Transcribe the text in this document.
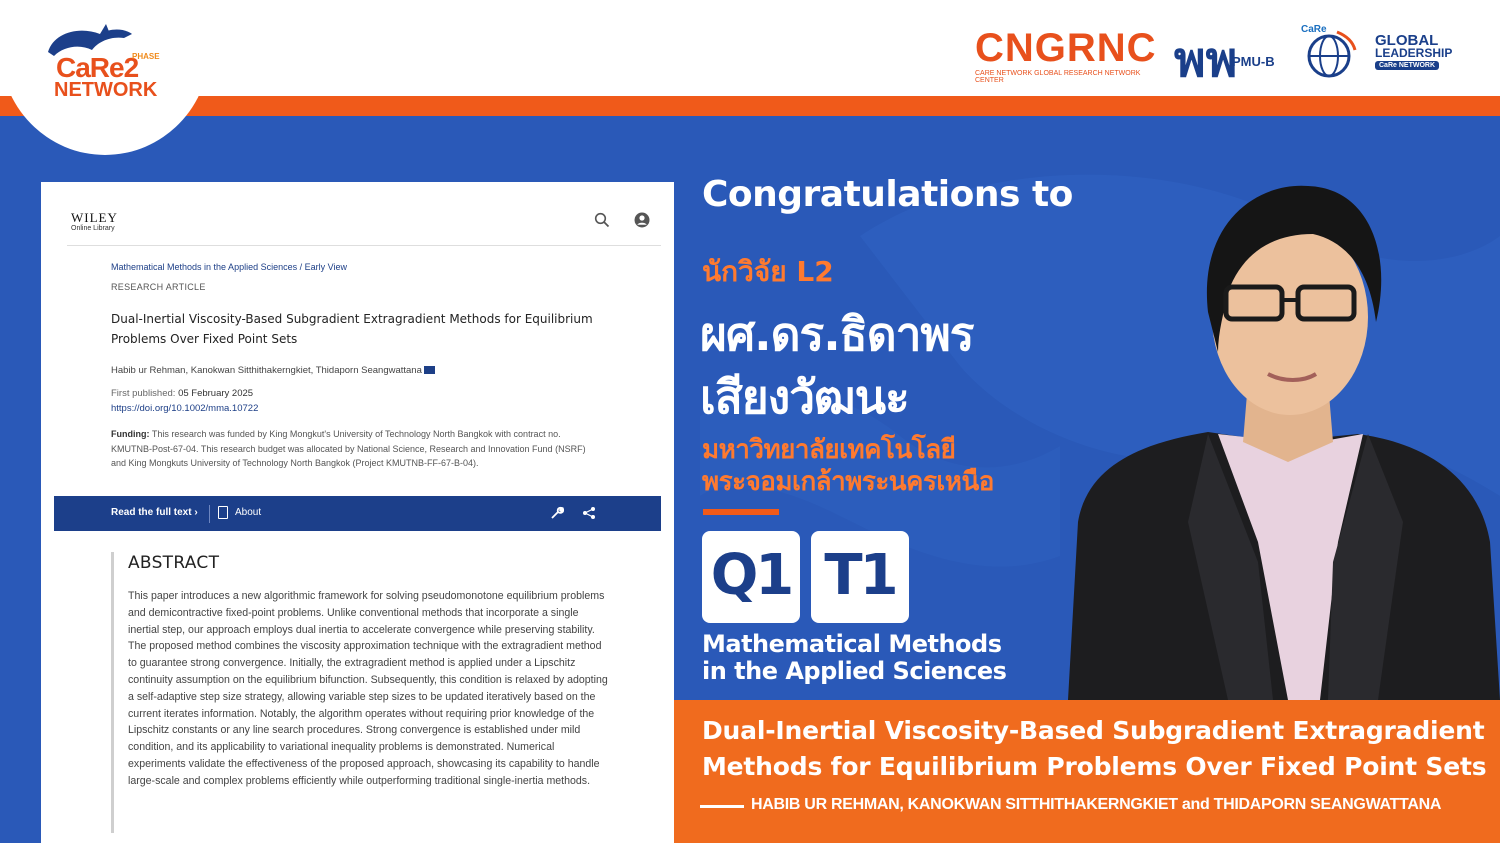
CaRe2
PHASE
NETWORK
CNGRNC
CARE NETWORK GLOBAL RESEARCH NETWORK CENTER	พพ
PMU-B
CaRe
GLOBAL
LEADERSHIP
CaRe NETWORK
WILEY
Online Library
Mathematical Methods in the Applied Sciences / Early View
RESEARCH ARTICLE
Dual-Inertial Viscosity-Based Subgradient Extragradient Methods for Equilibrium Problems Over Fixed Point Sets
Habib ur Rehman, Kanokwan Sitthithakerngkiet, Thidaporn Seangwattana
First published: 05 February 2025
https://doi.org/10.1002/mma.10722
Funding: This research was funded by King Mongkut's University of Technology North Bangkok with contract no. KMUTNB-Post-67-04. This research budget was allocated by National Science, Research and Innovation Fund (NSRF) and King Mongkuts University of Technology North Bangkok (Project KMUTNB-FF-67-B-04).
Read the full text ›	About
ABSTRACT
This paper introduces a new algorithmic framework for solving pseudomonotone equilibrium problems and demicontractive fixed-point problems. Unlike conventional methods that incorporate a single inertial step, our approach employs dual inertia to accelerate convergence while preserving stability. The proposed method combines the viscosity approximation technique with the extragradient method to guarantee strong convergence. Initially, the extragradient method is applied under a Lipschitz continuity assumption on the equilibrium bifunction. Subsequently, this condition is relaxed by adopting a self-adaptive step size strategy, allowing variable step sizes to be updated iteratively based on the current iterates information. Notably, the algorithm operates without requiring prior knowledge of the Lipschitz constants or any line search procedures. Strong convergence is established under mild condition, and its applicability to variational inequality problems is demonstrated. Numerical experiments validate the effectiveness of the proposed approach, showcasing its capability to handle large-scale and complex problems efficiently while outperforming traditional single-inertia methods.
Congratulations to
นักวิจัย L2
ผศ.ดร.ธิดาพร
เสียงวัฒนะ
มหาวิทยาลัยเทคโนโลยี
พระจอมเกล้าพระนครเหนือ
Q1 T1
Mathematical Methods
in the Applied Sciences
Dual-Inertial Viscosity-Based Subgradient Extragradient
Methods for Equilibrium Problems Over Fixed Point Sets
HABIB UR REHMAN, KANOKWAN SITTHITHAKERNGKIET and THIDAPORN SEANGWATTANA
